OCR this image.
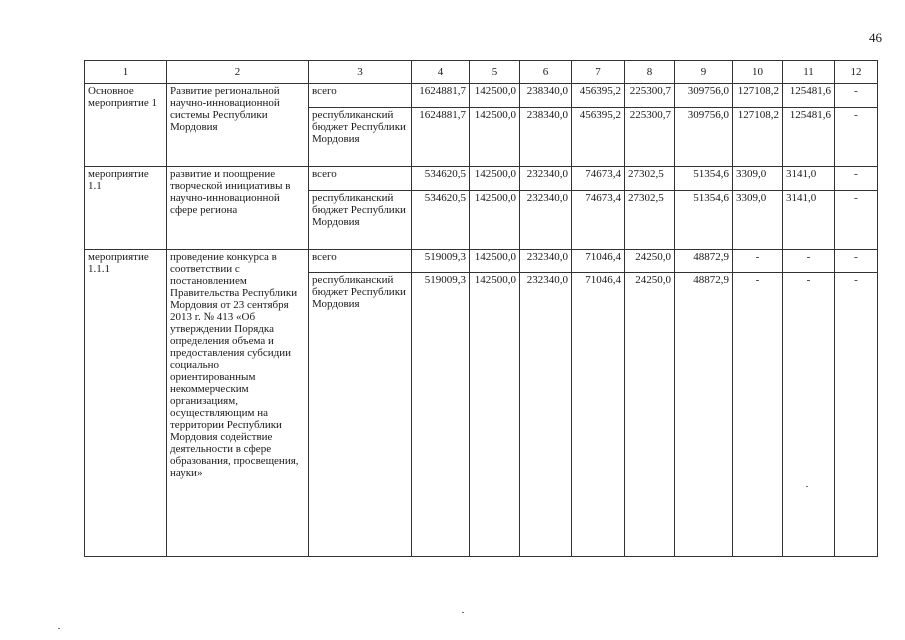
46
1	2	3	4	5	6	7	8	9	10	11	12
Основное мероприятие 1	Развитие региональной научно-инновационной системы Республики Мордовия	всего	1624881,7	142500,0	238340,0	456395,2	225300,7	309756,0	127108,2	125481,6	-
		республиканский бюджет Республики Мордовия	1624881,7	142500,0	238340,0	456395,2	225300,7	309756,0	127108,2	125481,6	-
мероприятие 1.1	развитие и поощрение творческой инициативы в научно-инновационной сфере региона	всего	534620,5	142500,0	232340,0	74673,4	27302,5	51354,6	3309,0	3141,0	-
		республиканский бюджет Республики Мордовия	534620,5	142500,0	232340,0	74673,4	27302,5	51354,6	3309,0	3141,0	-
мероприятие 1.1.1	проведение конкурса в соответствии с постановлением Правительства Республики Мордовия от 23 сентября 2013 г. № 413 «Об утверждении Порядка определения объема и предоставления субсидии социально ориентированным некоммерческим организациям, осуществляющим на территории Республики Мордовия содействие деятельности в сфере образования, просвещения, науки»	всего	519009,3	142500,0	232340,0	71046,4	24250,0	48872,9	-	-	-
		республиканский бюджет Республики Мордовия	519009,3	142500,0	232340,0	71046,4	24250,0	48872,9	-	-	-
